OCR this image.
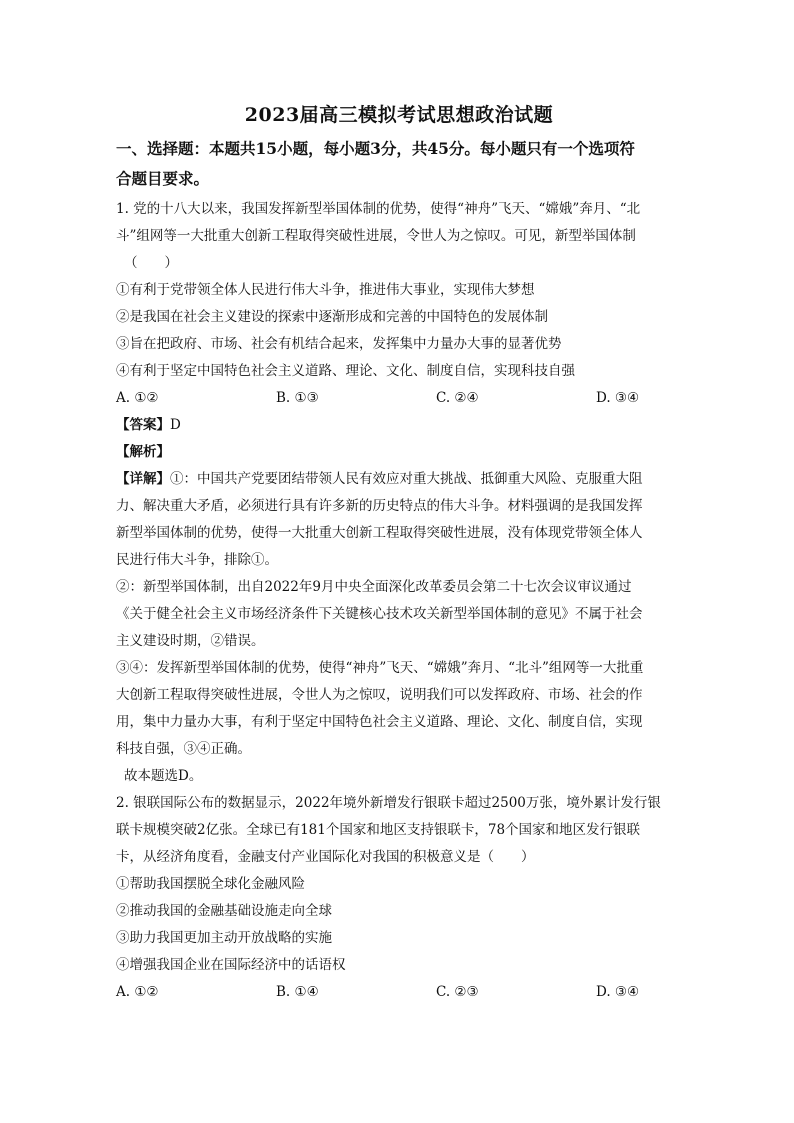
2023届高三模拟考试思想政治试题
一、选择题：本题共15小题，每小题3分，共45分。每小题只有一个选项符
合题目要求。
1. 党的十八大以来，我国发挥新型举国体制的优势，使得“神舟”飞天、“嫦娥”奔月、“北
斗”组网等一大批重大创新工程取得突破性进展，令世人为之惊叹。可见，新型举国体制
（　　）
①有利于党带领全体人民进行伟大斗争，推进伟大事业，实现伟大梦想
②是我国在社会主义建设的探索中逐渐形成和完善的中国特色的发展体制
③旨在把政府、市场、社会有机结合起来，发挥集中力量办大事的显著优势
④有利于坚定中国特色社会主义道路、理论、文化、制度自信，实现科技自强
A. ①②	B. ①③	C. ②④	D. ③④
【答案】D
【解析】
【详解】①：中国共产党要团结带领人民有效应对重大挑战、抵御重大风险、克服重大阻
力、解决重大矛盾，必须进行具有许多新的历史特点的伟大斗争。材料强调的是我国发挥
新型举国体制的优势，使得一大批重大创新工程取得突破性进展，没有体现党带领全体人
民进行伟大斗争，排除①。
②：新型举国体制，出自2022年9月中央全面深化改革委员会第二十七次会议审议通过
《关于健全社会主义市场经济条件下关键核心技术攻关新型举国体制的意见》不属于社会
主义建设时期，②错误。
③④：发挥新型举国体制的优势，使得“神舟”飞天、“嫦娥”奔月、“北斗”组网等一大批重
大创新工程取得突破性进展，令世人为之惊叹，说明我们可以发挥政府、市场、社会的作
用，集中力量办大事，有利于坚定中国特色社会主义道路、理论、文化、制度自信，实现
科技自强，③④正确。
故本题选D。
2. 银联国际公布的数据显示，2022年境外新增发行银联卡超过2500万张，境外累计发行银
联卡规模突破2亿张。全球已有181个国家和地区支持银联卡，78个国家和地区发行银联
卡，从经济角度看，金融支付产业国际化对我国的积极意义是（　　）
①帮助我国摆脱全球化金融风险
②推动我国的金融基础设施走向全球
③助力我国更加主动开放战略的实施
④增强我国企业在国际经济中的话语权
A. ①②	B. ①④	C. ②③	D. ③④
